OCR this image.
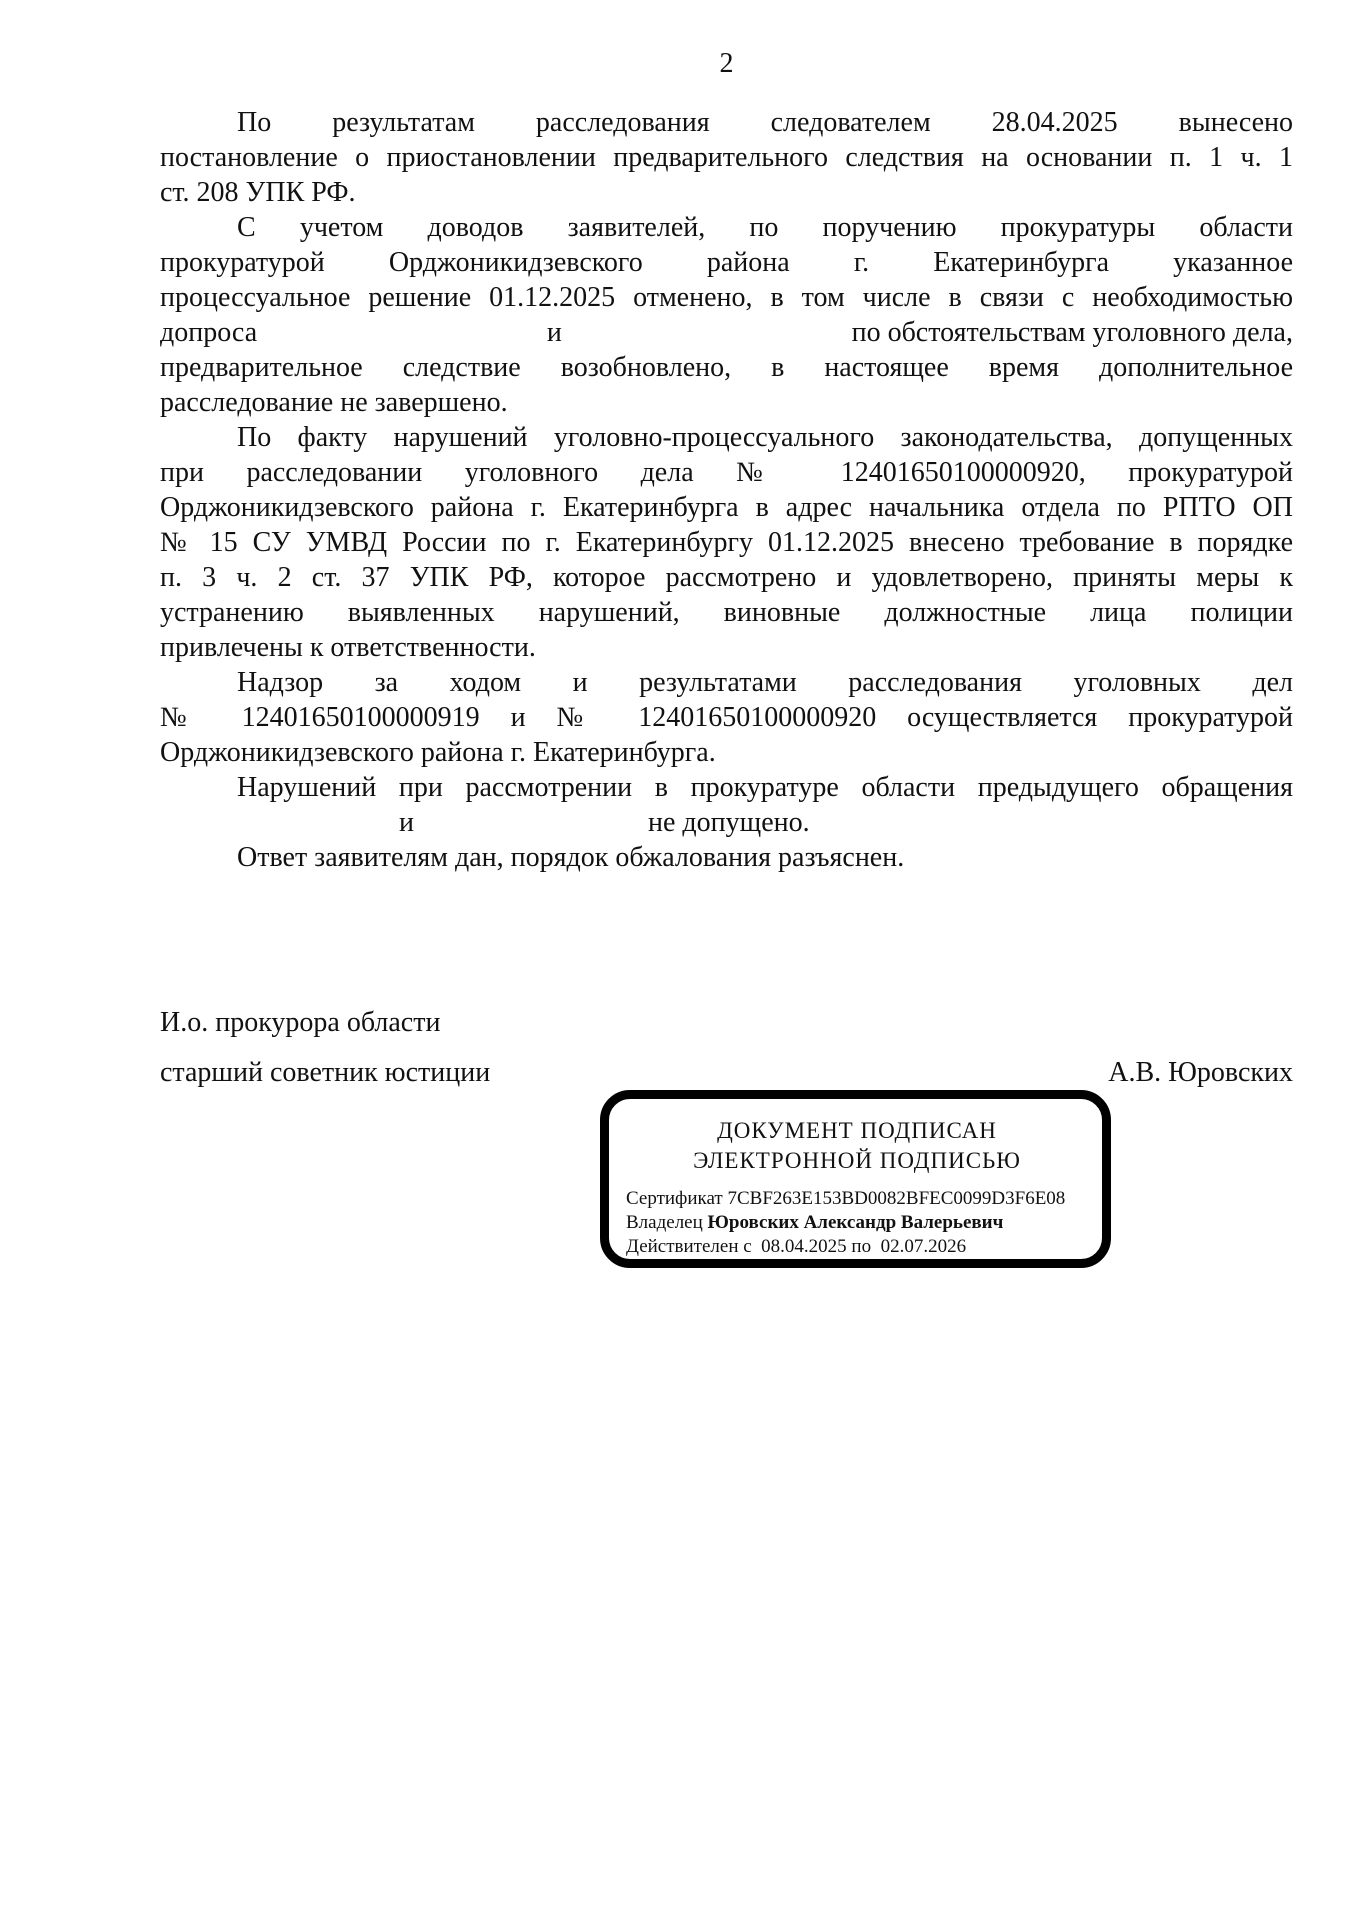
2
По результатам расследования следователем 28.04.2025 вынесено
постановление о приостановлении предварительного следствия на основании п. 1 ч. 1
ст. 208 УПК РФ.
С учетом доводов заявителей, по поручению прокуратуры области
прокуратурой Орджоникидзевского района г. Екатеринбурга указанное
процессуальное решение 01.12.2025 отменено, в том числе в связи с необходимостью
допроса	и	по обстоятельствам уголовного дела,
предварительное следствие возобновлено, в настоящее время дополнительное
расследование не завершено.
По факту нарушений уголовно-процессуального законодательства, допущенных
при расследовании уголовного дела № 12401650100000920, прокуратурой
Орджоникидзевского района г. Екатеринбурга в адрес начальника отдела по РПТО ОП
№ 15 СУ УМВД России по г. Екатеринбургу 01.12.2025 внесено требование в порядке
п. 3 ч. 2 ст. 37 УПК РФ, которое рассмотрено и удовлетворено, приняты меры к
устранению выявленных нарушений, виновные должностные лица полиции
привлечены к ответственности.
Надзор за ходом и результатами расследования уголовных дел
№ 12401650100000919 и № 12401650100000920 осуществляется прокуратурой
Орджоникидзевского района г. Екатеринбурга.
Нарушений при рассмотрении в прокуратуре области предыдущего обращения
и	не допущено.
Ответ заявителям дан, порядок обжалования разъяснен.
И.о. прокурора области
старший советник юстиции	А.В. Юровских
ДОКУМЕНТ ПОДПИСАН
ЭЛЕКТРОННОЙ ПОДПИСЬЮ
Сертификат 7CBF263E153BD0082BFEC0099D3F6E08
Владелец Юровских Александр Валерьевич
Действителен с  08.04.2025 по  02.07.2026
